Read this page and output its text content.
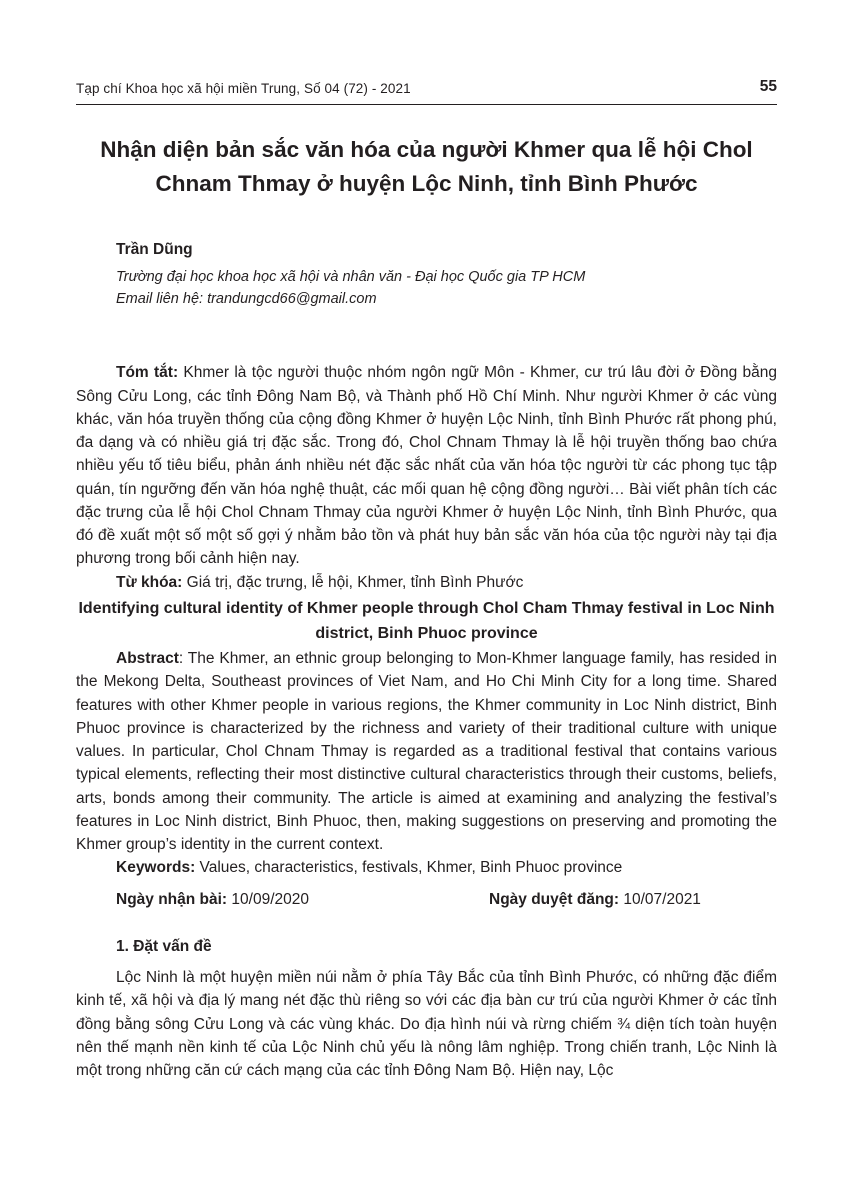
Tạp chí Khoa học xã hội miền Trung, Số 04 (72) - 2021	55
Nhận diện bản sắc văn hóa của người Khmer qua lễ hội Chol Chnam Thmay ở huyện Lộc Ninh, tỉnh Bình Phước
Trần Dũng
Trường đại học khoa học xã hội và nhân văn - Đại học Quốc gia TP HCM
Email liên hệ: trandungcd66@gmail.com

Tóm tắt: Khmer là tộc người thuộc nhóm ngôn ngữ Môn - Khmer, cư trú lâu đời ở Đồng bằng Sông Cửu Long, các tỉnh Đông Nam Bộ, và Thành phố Hồ Chí Minh. Như người Khmer ở các vùng khác, văn hóa truyền thống của cộng đồng Khmer ở huyện Lộc Ninh, tỉnh Bình Phước rất phong phú, đa dạng và có nhiều giá trị đặc sắc. Trong đó, Chol Chnam Thmay là lễ hội truyền thống bao chứa nhiều yếu tố tiêu biểu, phản ánh nhiều nét đặc sắc nhất của văn hóa tộc người từ các phong tục tập quán, tín ngưỡng đến văn hóa nghệ thuật, các mối quan hệ cộng đồng người… Bài viết phân tích các đặc trưng của lễ hội Chol Chnam Thmay của người Khmer ở huyện Lộc Ninh, tỉnh Bình Phước, qua đó đề xuất một số một số gợi ý nhằm bảo tồn và phát huy bản sắc văn hóa của tộc người này tại địa phương trong bối cảnh hiện nay.

Từ khóa: Giá trị, đặc trưng, lễ hội, Khmer, tỉnh Bình Phước

Identifying cultural identity of Khmer people through Chol Cham Thmay festival in Loc Ninh district, Binh Phuoc province

Abstract: The Khmer, an ethnic group belonging to Mon-Khmer language family, has resided in the Mekong Delta, Southeast provinces of Viet Nam, and Ho Chi Minh City for a long time. Shared features with other Khmer people in various regions, the Khmer community in Loc Ninh district, Binh Phuoc province is characterized by the richness and variety of their traditional culture with unique values. In particular, Chol Chnam Thmay is regarded as a traditional festival that contains various typical elements, reflecting their most distinctive cultural characteristics through their customs, beliefs, arts, bonds among their community. The article is aimed at examining and analyzing the festival’s features in Loc Ninh district, Binh Phuoc, then, making suggestions on preserving and promoting the Khmer group’s identity in the current context.

Keywords: Values, characteristics, festivals, Khmer, Binh Phuoc province

Ngày nhận bài: 10/09/2020	Ngày duyệt đăng: 10/07/2021

1. Đặt vấn đề

Lộc Ninh là một huyện miền núi nằm ở phía Tây Bắc của tỉnh Bình Phước, có những đặc điểm kinh tế, xã hội và địa lý mang nét đặc thù riêng so với các địa bàn cư trú của người Khmer ở các tỉnh đồng bằng sông Cửu Long và các vùng khác. Do địa hình núi và rừng chiếm ¾ diện tích toàn huyện nên thế mạnh nền kinh tế của Lộc Ninh chủ yếu là nông lâm nghiệp. Trong chiến tranh, Lộc Ninh là một trong những căn cứ cách mạng của các tỉnh Đông Nam Bộ. Hiện nay, Lộc
